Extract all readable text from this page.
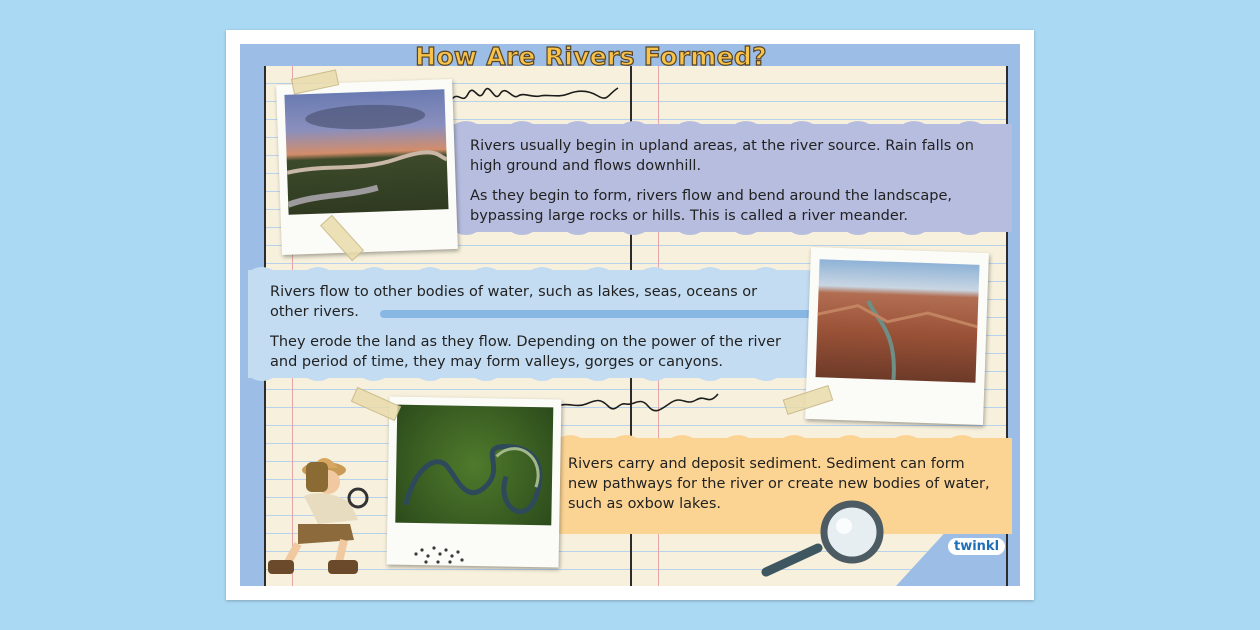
How Are Rivers Formed?

Rivers usually begin in upland areas, at the river source. Rain falls on high ground and flows downhill.

As they begin to form, rivers flow and bend around the landscape, bypassing large rocks or hills. This is called a river meander.

Rivers flow to other bodies of water, such as lakes, seas, oceans or other rivers.

They erode the land as they flow. Depending on the power of the river and period of time, they may form valleys, gorges or canyons.

Rivers carry and deposit sediment. Sediment can form new pathways for the river or create new bodies of water, such as oxbow lakes.

twinkl
